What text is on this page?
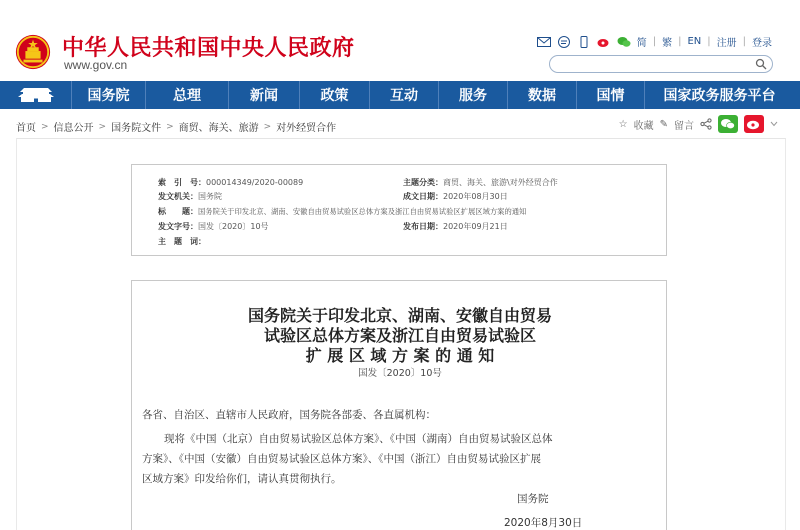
中华人民共和国中央人民政府
www.gov.cn
简 | 繁 | EN | 注册 | 登录
国务院	总理	新闻	政策	互动	服务	数据	国情	国家政务服务平台
首页 > 信息公开 > 国务院文件 > 商贸、海关、旅游 > 对外经贸合作	☆ 收藏 ✎ 留言
索　引　号：000014349/2020-00089	主题分类：商贸、海关、旅游\对外经贸合作
发文机关：国务院	成文日期：2020年08月30日
标　　题：国务院关于印发北京、湖南、安徽自由贸易试验区总体方案及浙江自由贸易试验区扩展区域方案的通知
发文字号：国发〔2020〕10号	发布日期：2020年09月21日
主　题　词：
国务院关于印发北京、湖南、安徽自由贸易
试验区总体方案及浙江自由贸易试验区
扩 展 区 域 方 案 的 通 知
国发〔2020〕10号
各省、自治区、直辖市人民政府，国务院各部委、各直属机构：
现将《中国（北京）自由贸易试验区总体方案》、《中国（湖南）自由贸易试验区总体
方案》、《中国（安徽）自由贸易试验区总体方案》、《中国（浙江）自由贸易试验区扩展
区域方案》印发给你们，请认真贯彻执行。
国务院
2020年8月30日
